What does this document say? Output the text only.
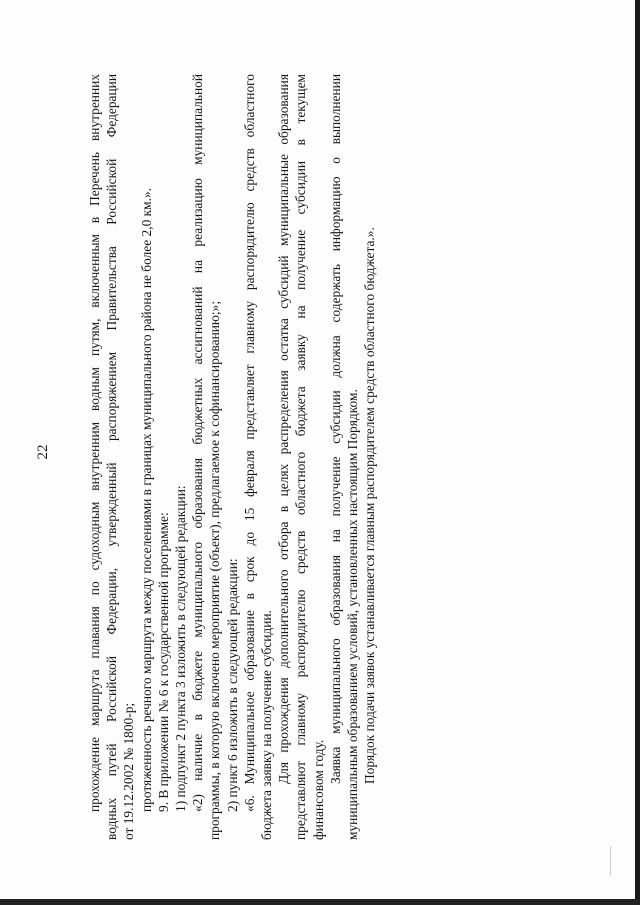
22	прохождение маршрута плавания по судоходным внутренним водным путям, включенным в Перечень внутренних водных путей Российской Федерации, утвержденный распоряжением Правительства Российской Федерации от 19.12.2002 № 1800-р; протяженность речного маршрута между поселениями в границах муниципального района не более 2,0 км.». 9. В приложении № 6 к государственной программе: 1) подпункт 2 пункта 3 изложить в следующей редакции: «2) наличие в бюджете муниципального образования бюджетных ассигнований на реализацию муниципальной программы, в которую включено мероприятие (объект), предлагаемое к софинансированию;»; 2) пункт 6 изложить в следующей редакции: «6. Муниципальное образование в срок до 15 февраля представляет главному распорядителю средств областного бюджета заявку на получение субсидии. Для прохождения дополнительного отбора в целях распределения остатка субсидий муниципальные образования представляют главному распорядителю средств областного бюджета заявку на получение субсидии в текущем финансовом году.
Заявка муниципального образования на получение субсидии должна содержать информацию о выполнении муниципальным образованием условий, установленных настоящим Порядком. Порядок подачи заявок устанавливается главным распорядителем средств областного бюджета.».
